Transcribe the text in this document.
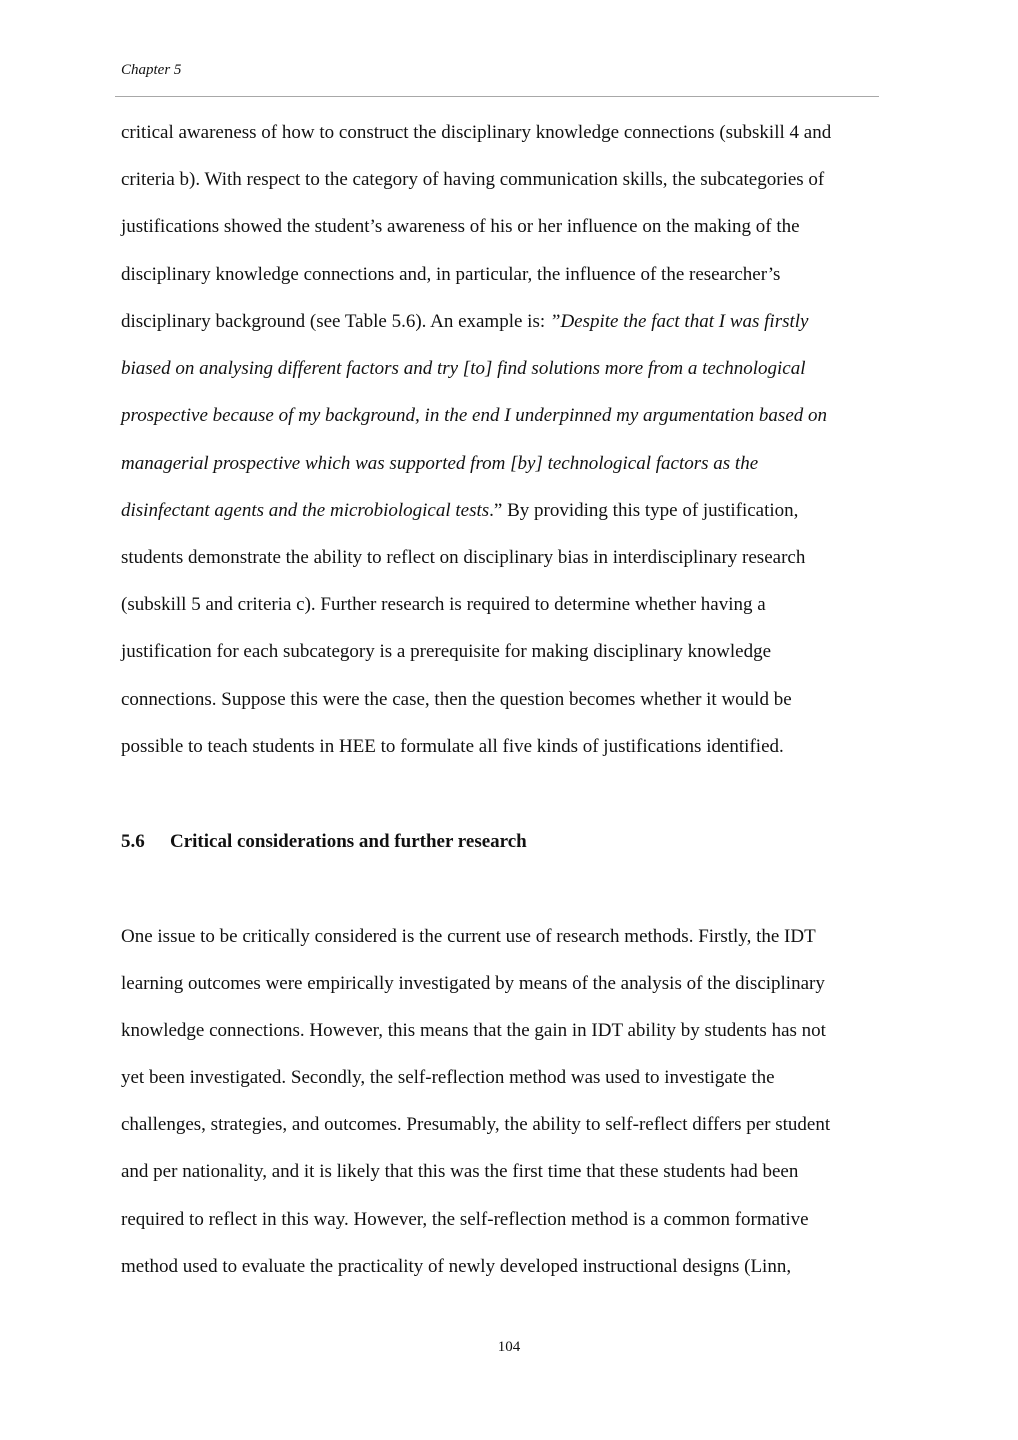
Chapter 5
critical awareness of how to construct the disciplinary knowledge connections (subskill 4 and
criteria b). With respect to the category of having communication skills, the subcategories of
justifications showed the student’s awareness of his or her influence on the making of the
disciplinary knowledge connections and, in particular, the influence of the researcher’s
disciplinary background (see Table 5.6). An example is: ”Despite the fact that I was firstly
biased on analysing different factors and try [to] find solutions more from a technological
prospective because of my background, in the end I underpinned my argumentation based on
managerial prospective which was supported from [by] technological factors as the
disinfectant agents and the microbiological tests.” By providing this type of justification,
students demonstrate the ability to reflect on disciplinary bias in interdisciplinary research
(subskill 5 and criteria c). Further research is required to determine whether having a
justification for each subcategory is a prerequisite for making disciplinary knowledge
connections. Suppose this were the case, then the question becomes whether it would be
possible to teach students in HEE to formulate all five kinds of justifications identified.
5.6 Critical considerations and further research
One issue to be critically considered is the current use of research methods. Firstly, the IDT
learning outcomes were empirically investigated by means of the analysis of the disciplinary
knowledge connections. However, this means that the gain in IDT ability by students has not
yet been investigated. Secondly, the self-reflection method was used to investigate the
challenges, strategies, and outcomes. Presumably, the ability to self-reflect differs per student
and per nationality, and it is likely that this was the first time that these students had been
required to reflect in this way. However, the self-reflection method is a common formative
method used to evaluate the practicality of newly developed instructional designs (Linn,
104
